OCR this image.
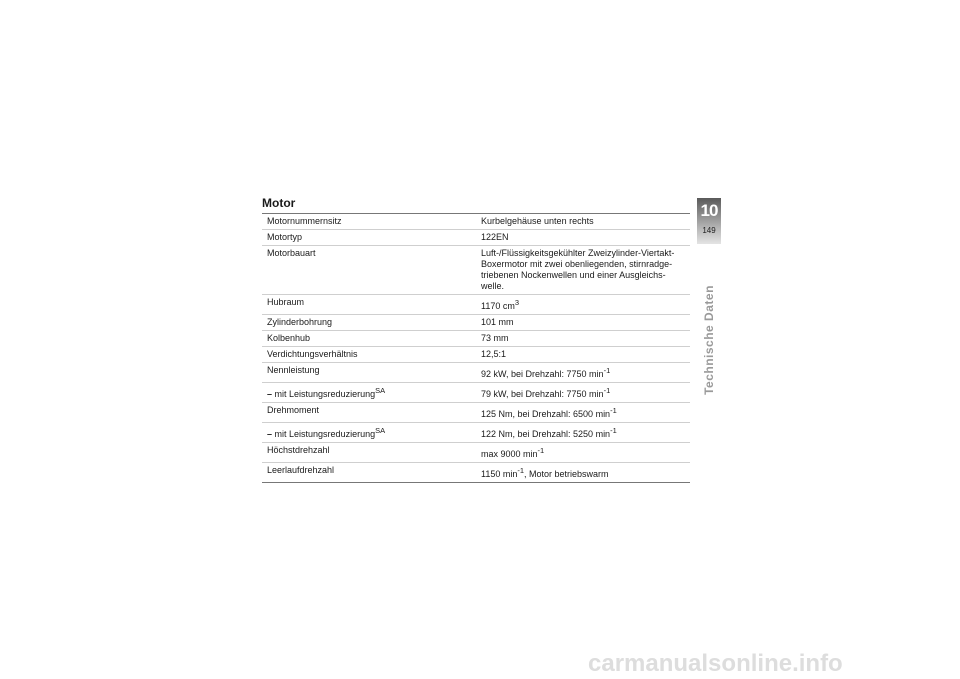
Motor
Motornummernsitz	Kurbelgehäuse unten rechts
Motortyp	122EN
Motorbauart	Luft-/Flüssigkeitsgekühlter Zweizylinder-Viertakt-Boxermotor mit zwei obenliegenden, stirnradge-triebenen Nockenwellen und einer Ausgleichs-welle.
Hubraum	1170 $cm^3$
Zylinderbohrung	101 mm
Kolbenhub	73 mm
Verdichtungsverhältnis	12,5:1
Nennleistung	92 kW, bei Drehzahl: 7750 $\min^{-1}$
– mit Leistungsreduzierung$^{SA}$	79 kW, bei Drehzahl: 7750 $\min^{-1}$
Drehmoment	125 Nm, bei Drehzahl: 6500 $\min^{-1}$
– mit Leistungsreduzierung$^{SA}$	122 Nm, bei Drehzahl: 5250 $\min^{-1}$
Höchstdrehzahl	max 9000 $\min^{-1}$
Leerlaufdrehzahl	1150 $\min^{-1}$, Motor betriebswarm
10
149
Technische Daten
carmanualsonline.info
